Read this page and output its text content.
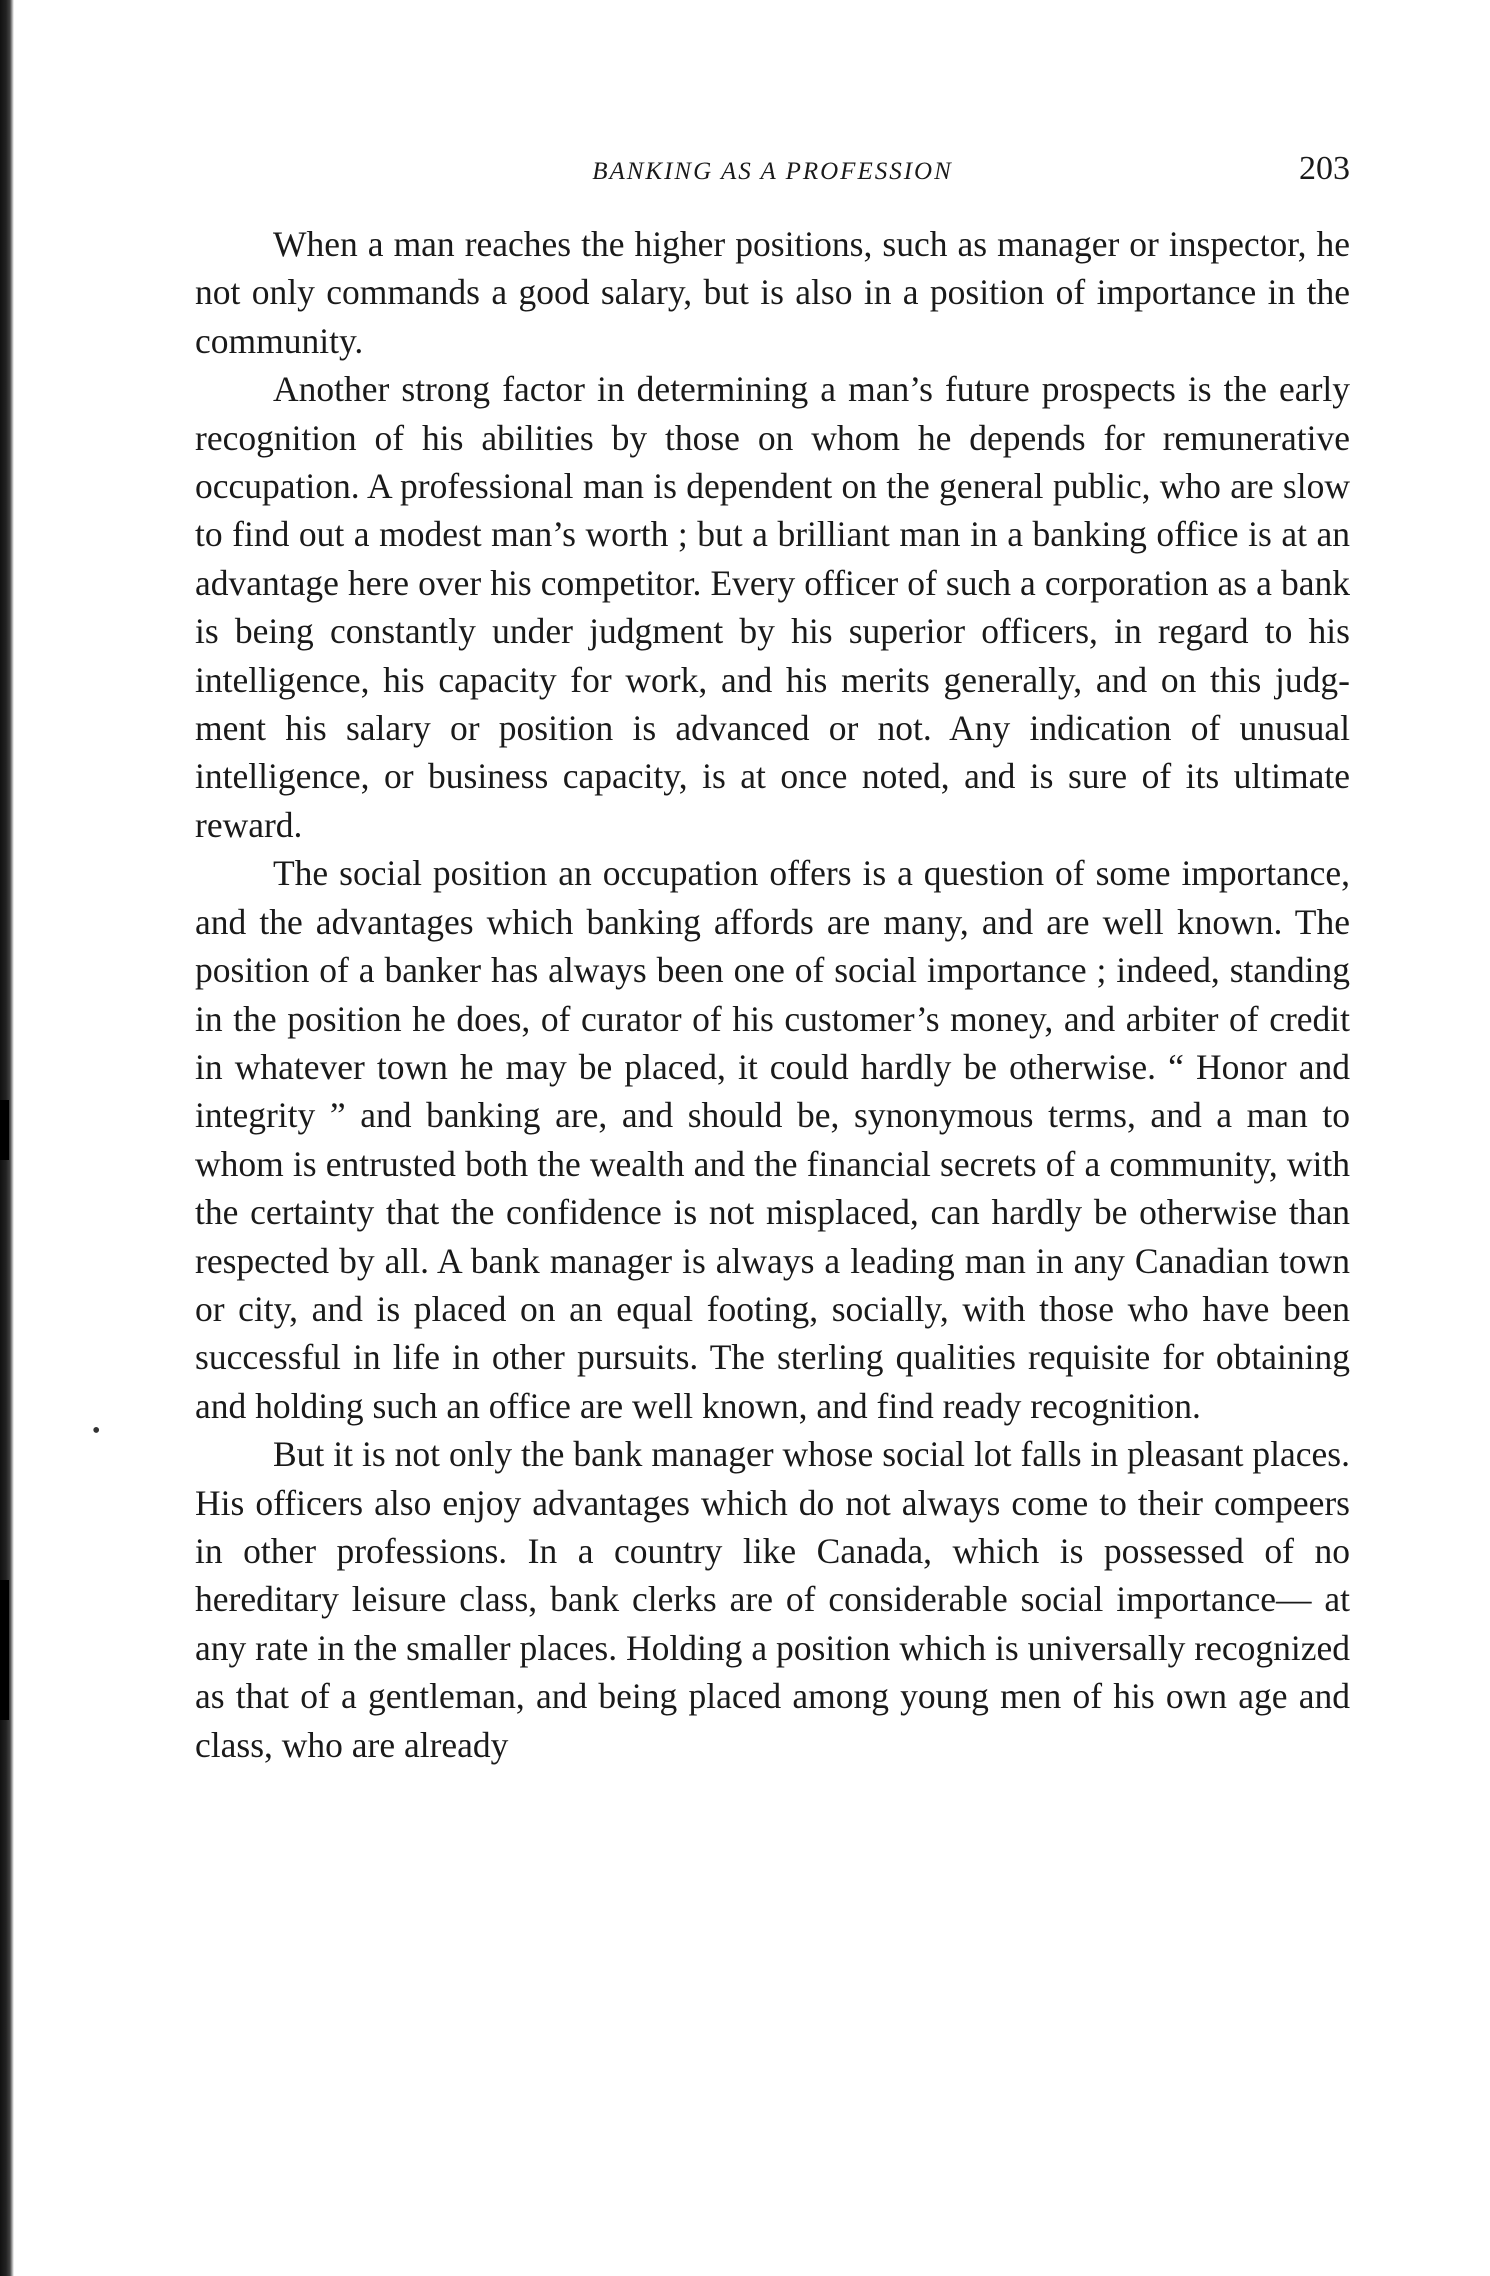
BANKING AS A PROFESSION	203
•

When a man reaches the higher positions, such as manager or inspector, he not only commands a good salary, but is also in a position of importance in the community.

Another strong factor in determining a man’s future prospects is the early recognition of his abilities by those on whom he depends for remunerative occupation. A professional man is dependent on the general public, who are slow to find out a modest man’s worth ; but a brilliant man in a banking office is at an advantage here over his competitor. Every officer of such a corporation as a bank is being constantly under judgment by his superior officers, in regard to his intelligence, his capacity for work, and his merits generally, and on this judgment his salary or position is advanced or not. Any indication of unusual intelligence, or business capacity, is at once noted, and is sure of its ultimate reward.

The social position an occupation offers is a question of some importance, and the advantages which banking affords are many, and are well known. The position of a banker has always been one of social importance ; indeed, standing in the position he does, of curator of his customer’s money, and arbiter of credit in whatever town he may be placed, it could hardly be otherwise. “ Honor and integrity ” and banking are, and should be, synonymous terms, and a man to whom is entrusted both the wealth and the financial secrets of a community, with the certainty that the confidence is not misplaced, can hardly be otherwise than respected by all. A bank manager is always a leading man in any Canadian town or city, and is placed on an equal footing, socially, with those who have been successful in life in other pursuits. The sterling qualities requisite for obtaining and holding such an office are well known, and find ready recognition.

But it is not only the bank manager whose social lot falls in pleasant places. His officers also enjoy advantages which do not always come to their compeers in other professions. In a country like Canada, which is possessed of no hereditary leisure class, bank clerks are of considerable social importance— at any rate in the smaller places. Holding a position which is universally recognized as that of a gentleman, and being placed among young men of his own age and class, who are already
